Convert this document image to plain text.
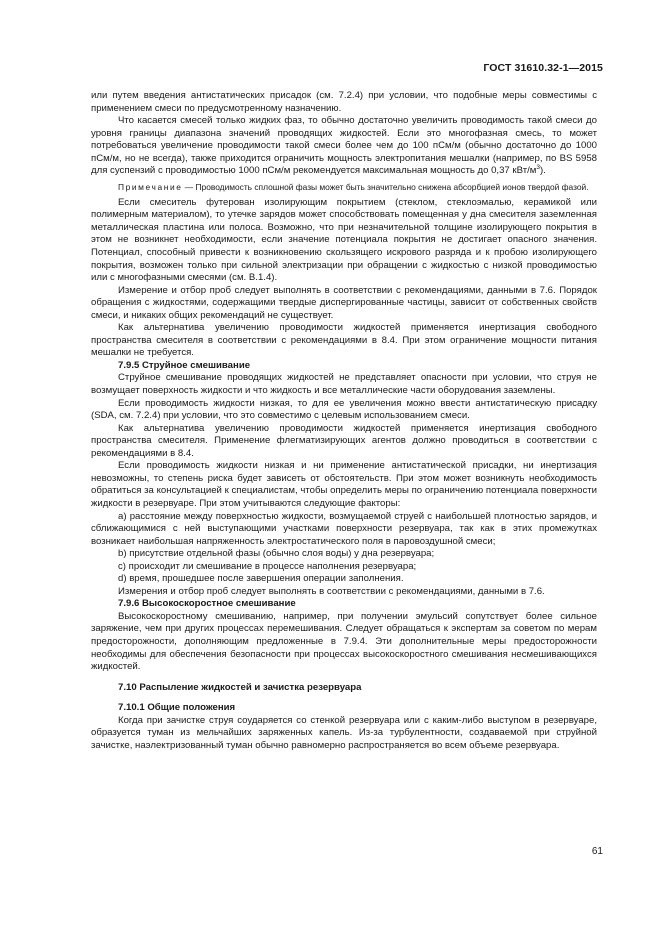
ГОСТ 31610.32-1—2015

или путем введения антистатических присадок (см. 7.2.4) при условии, что подобные меры совместимы с применением смеси по предусмотренному назначению.

Что касается смесей только жидких фаз, то обычно достаточно увеличить проводимость такой смеси до уровня границы диапазона значений проводящих жидкостей. Если это многофазная смесь, то может потребоваться увеличение проводимости такой смеси более чем до 100 пСм/м (обычно достаточно до 1000 пСм/м, но не всегда), также приходится ограничить мощность электропитания мешалки (например, по BS 5958 для суспензий с проводимостью 1000 пСм/м рекомендуется максимальная мощность до 0,37 кВт/$м^3$).

Примечание — Проводимость сплошной фазы может быть значительно снижена абсорбцией ионов твердой фазой.

Если смеситель футерован изолирующим покрытием (стеклом, стеклоэмалью, керамикой или полимерным материалом), то утечке зарядов может способствовать помещенная у дна смесителя заземленная металлическая пластина или полоса. Возможно, что при незначительной толщине изолирующего покрытия в этом не возникнет необходимости, если значение потенциала покрытия не достигает опасного значения. Потенциал, способный привести к возникновению скользящего искрового разряда и к пробою изолирующего покрытия, возможен только при сильной электризации при обращении с жидкостью с низкой проводимостью или с многофазными смесями (см. В.1.4).

Измерение и отбор проб следует выполнять в соответствии с рекомендациями, данными в 7.6. Порядок обращения с жидкостями, содержащими твердые диспергированные частицы, зависит от собственных свойств смеси, и никаких общих рекомендаций не существует.

Как альтернатива увеличению проводимости жидкостей применяется инертизация свободного пространства смесителя в соответствии с рекомендациями в 8.4. При этом ограничение мощности питания мешалки не требуется.

7.9.5 Струйное смешивание

Струйное смешивание проводящих жидкостей не представляет опасности при условии, что струя не возмущает поверхность жидкости и что жидкость и все металлические части оборудования заземлены.

Если проводимость жидкости низкая, то для ее увеличения можно ввести антистатическую присадку (SDA, см. 7.2.4) при условии, что это совместимо с целевым использованием смеси.

Как альтернатива увеличению проводимости жидкостей применяется инертизация свободного пространства смесителя. Применение флегматизирующих агентов должно проводиться в соответствии с рекомендациями в 8.4.

Если проводимость жидкости низкая и ни применение антистатической присадки, ни инертизация невозможны, то степень риска будет зависеть от обстоятельств. При этом может возникнуть необходимость обратиться за консультацией к специалистам, чтобы определить меры по ограничению потенциала поверхности жидкости в резервуаре. При этом учитываются следующие факторы:

a) расстояние между поверхностью жидкости, возмущаемой струей с наибольшей плотностью зарядов, и сближающимися с ней выступающими участками поверхности резервуара, так как в этих промежутках возникает наибольшая напряженность электростатического поля в паровоздушной смеси;

b) присутствие отдельной фазы (обычно слоя воды) у дна резервуара;

c) происходит ли смешивание в процессе наполнения резервуара;

d) время, прошедшее после завершения операции заполнения.

Измерения и отбор проб следует выполнять в соответствии с рекомендациями, данными в 7.6.

7.9.6 Высокоскоростное смешивание

Высокоскоростному смешиванию, например, при получении эмульсий сопутствует более сильное заряжение, чем при других процессах перемешивания. Следует обращаться к экспертам за советом по мерам предосторожности, дополняющим предложенные в 7.9.4. Эти дополнительные меры предосторожности необходимы для обеспечения безопасности при процессах высокоскоростного смешивания несмешивающихся жидкостей.

7.10 Распыление жидкостей и зачистка резервуара

7.10.1 Общие положения

Когда при зачистке струя соударяется со стенкой резервуара или с каким-либо выступом в резервуаре, образуется туман из мельчайших заряженных капель. Из-за турбулентности, создаваемой при струйной зачистке, наэлектризованный туман обычно равномерно распространяется во всем объеме резервуара.

61
